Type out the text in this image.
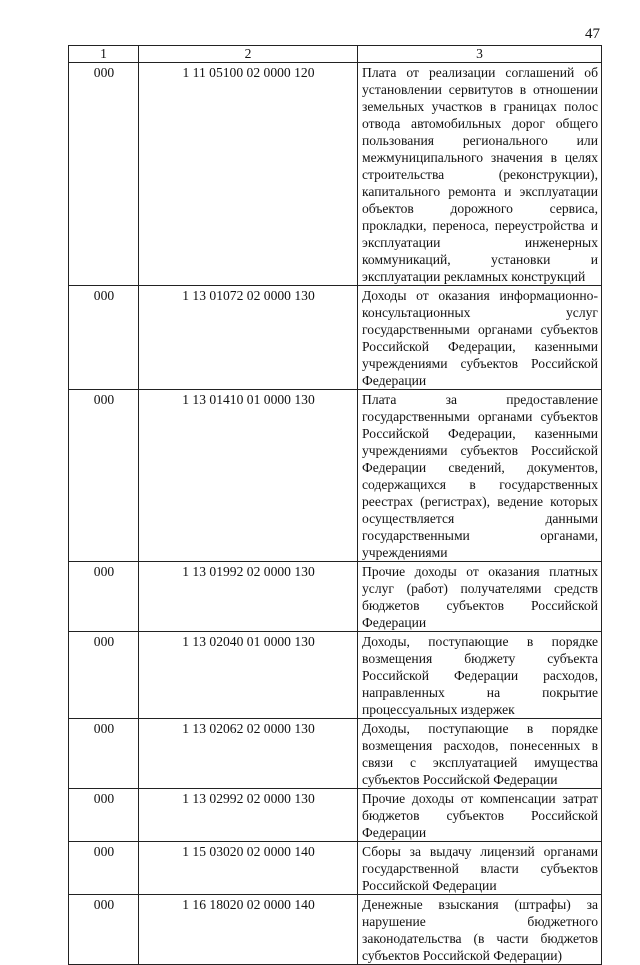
47
1	2	3
000	1 11 05100 02 0000 120	Плата от реализации соглашений об установлении сервитутов в отношении земельных участков в границах полос отвода автомобильных дорог общего пользования регионального или межмуниципального значения в целях строительства (реконструкции), капитального ремонта и эксплуатации объектов дорожного сервиса, прокладки, переноса, переустройства и эксплуатации инженерных коммуникаций, установки и эксплуатации рекламных конструкций
000	1 13 01072 02 0000 130	Доходы от оказания информационно-консультационных услуг государственными органами субъектов Российской Федерации, казенными учреждениями субъектов Российской Федерации
000	1 13 01410 01 0000 130	Плата за предоставление государственными органами субъектов Российской Федерации, казенными учреждениями субъектов Российской Федерации сведений, документов, содержащихся в государственных реестрах (регистрах), ведение которых осуществляется данными государственными органами, учреждениями
000	1 13 01992 02 0000 130	Прочие доходы от оказания платных услуг (работ) получателями средств бюджетов субъектов Российской Федерации
000	1 13 02040 01 0000 130	Доходы, поступающие в порядке возмещения бюджету субъекта Российской Федерации расходов, направленных на покрытие процессуальных издержек
000	1 13 02062 02 0000 130	Доходы, поступающие в порядке возмещения расходов, понесенных в связи с эксплуатацией имущества субъектов Российской Федерации
000	1 13 02992 02 0000 130	Прочие доходы от компенсации затрат бюджетов субъектов Российской Федерации
000	1 15 03020 02 0000 140	Сборы за выдачу лицензий органами государственной власти субъектов Российской Федерации
000	1 16 18020 02 0000 140	Денежные взыскания (штрафы) за нарушение бюджетного законодательства (в части бюджетов субъектов Российской Федерации)
